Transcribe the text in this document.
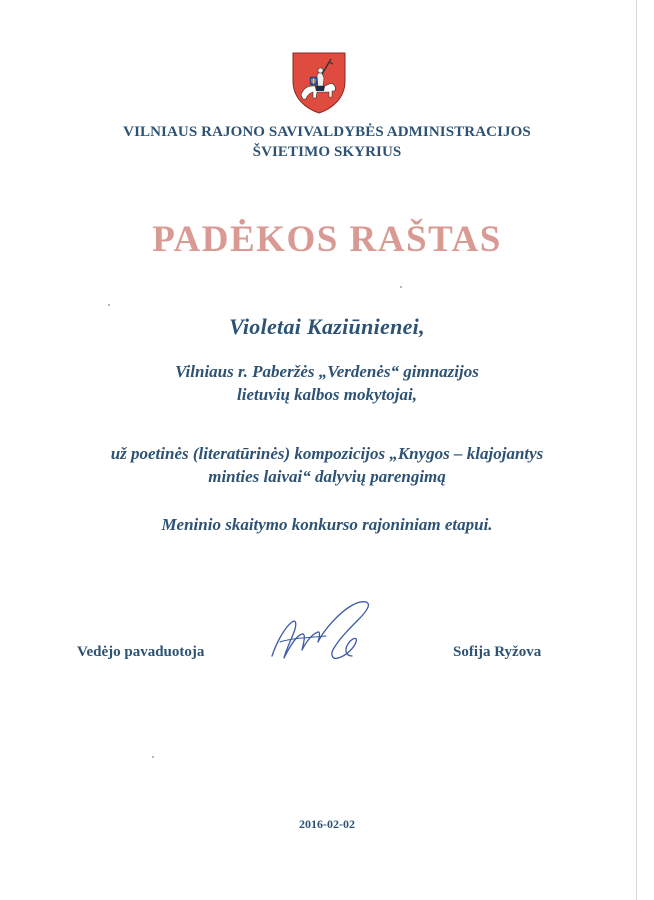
VILNIAUS RAJONO SAVIVALDYBĖS ADMINISTRACIJOS
ŠVIETIMO SKYRIUS
PADĖKOS RAŠTAS
Violetai Kaziūnienei,
Vilniaus r. Paberžės „Verdenės“ gimnazijos
lietuvių kalbos mokytojai,
už poetinės (literatūrinės) kompozicijos „Knygos – klajojantys
minties laivai“ dalyvių parengimą
Meninio skaitymo konkurso rajoniniam etapui.
Vedėjo pavaduotoja	Sofija Ryžova
2016-02-02
